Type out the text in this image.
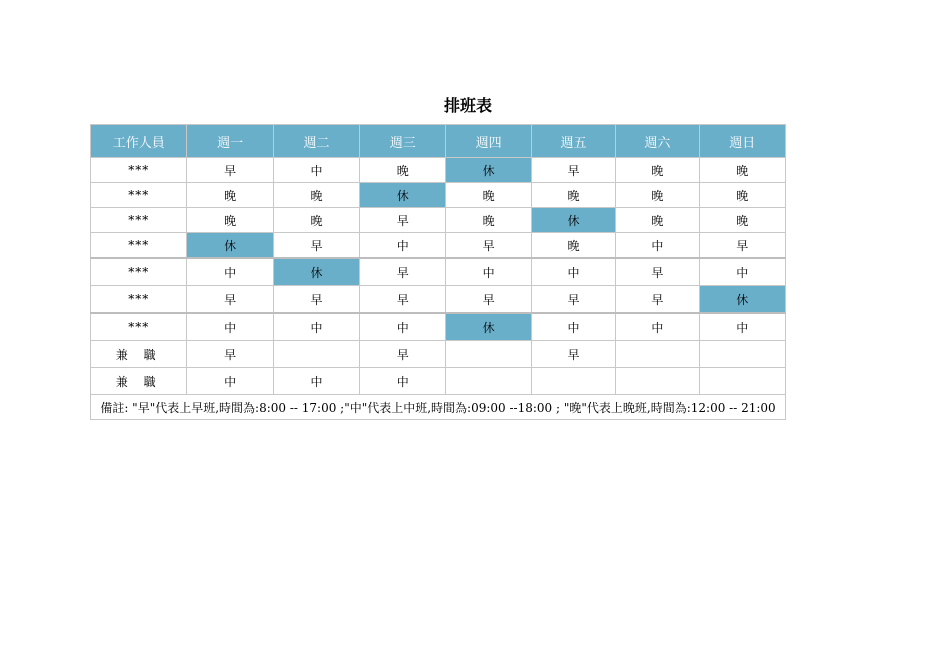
排班表
工作人員	週一	週二	週三	週四	週五	週六	週日
***	早	中	晚	休	早	晚	晚
***	晚	晚	休	晚	晚	晚	晚
***	晚	晚	早	晚	休	晚	晚
***	休	早	中	早	晚	中	早
***	中	休	早	中	中	早	中
***	早	早	早	早	早	早	休
***	中	中	中	休	中	中	中
兼 職	早		早		早		
兼 職	中	中	中				
備註: "早"代表上早班,時間為:8:00 -- 17:00 ;"中"代表上中班,時間為:09:00 --18:00 ; "晚"代表上晚班,時間為:12:00 -- 21:00							
